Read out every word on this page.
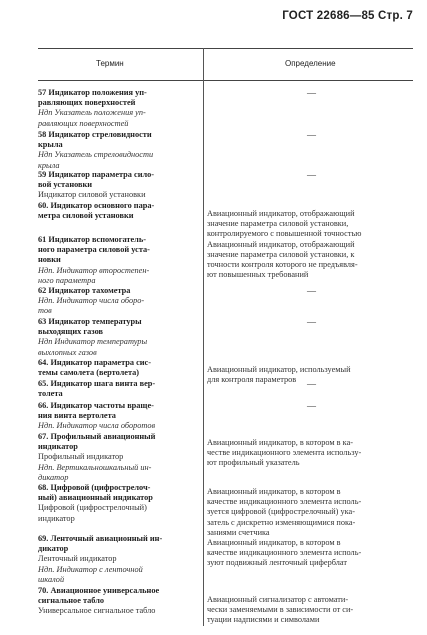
ГОСТ 22686—85 Стр. 7
Термин	Определение

57 Индикатор положения уп-

равляющих поверхностей

Ндп Указатель положения уп-

равляющих поверхностей

58 Индикатор стреловидности

крыла

Ндп Указатель стреловидности

крыла

59 Индикатор параметра сило-

вой установки

Индикатор силовой установки

60. Индикатор основного пара-

метра силовой установки

61 Индикатор вспомогатель-

ного параметра силовой уста-

новки

Ндп. Индикатор второстепен-

ного параметра

62 Индикатор тахометра

Ндп. Индикатор числа оборо-

тов

63 Индикатор температуры

выходящих газов

Ндп Индикатор температуры

выхлопных газов

64. Индикатор параметра сис-

темы самолета (вертолета)

65. Индикатор шага винта вер-

толета

66. Индикатор частоты враще-

ния винта вертолета

Ндп. Индикатор числа оборотов

67. Профильный авиационный

индикатор

Профильный индикатор

Ндп. Вертикальношкальный ин-

дикатор

68. Цифровой (цифрострелоч-

ный) авиационный индикатор

Цифровой (цифрострелочный)

индикатор

69. Ленточный авиационный ин-

дикатор

Ленточный индикатор

Ндп. Индикатор с ленточной

шкалой

70. Авиационное универсальное

сигнальное табло

Универсальное сигнальное табло

—
—
—
—
—
—
—

Авиационный индикатор, отображающий

значение параметра силовой установки,

контролируемого с повышенной точностью

Авиационный индикатор, отображающий

значение параметра силовой установки, к

точности контроля которого не предъявля-

ют повышенных требований

Авиационный индикатор, используемый

для контроля параметров

Авиационный индикатор, в котором в ка-

честве индикационного элемента использу-

ют профильный указатель

Авиационный индикатор, в котором в

качестве индикационного элемента исполь-

зуется цифровой (цифрострелочный) ука-

затель с дискретно изменяющимися пока-

заниями счетчика

Авиационный индикатор, в котором в

качестве индикационного элемента исполь-

зуют подвижный ленточный циферблат

Авиационный сигнализатор с автомати-

чески заменяемыми в зависимости от си-

туации надписями и символами
